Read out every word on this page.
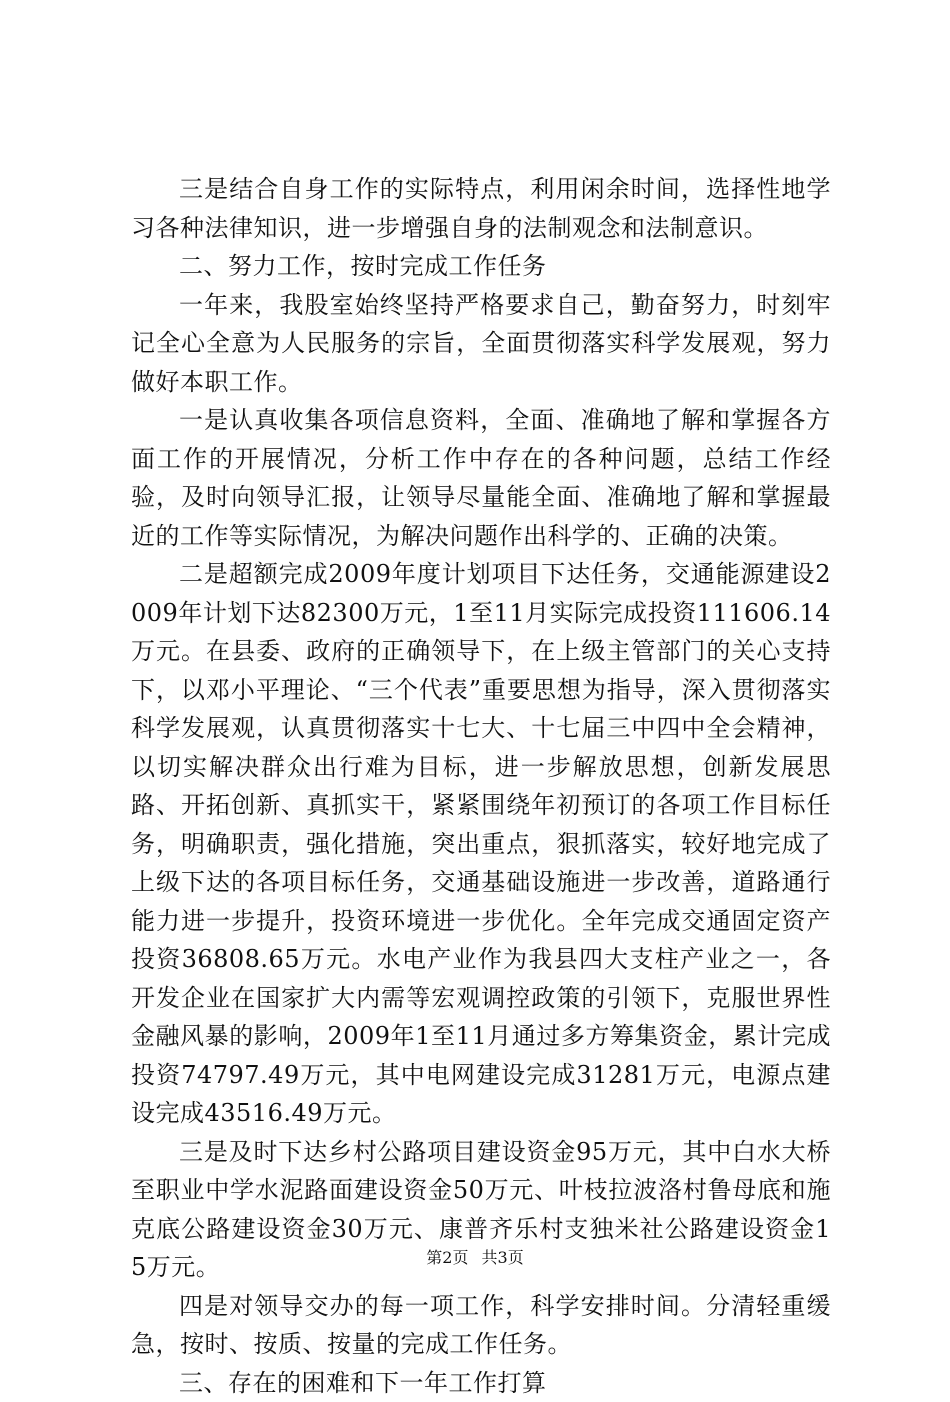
三是结合自身工作的实际特点，利用闲余时间，选择性地学习各种法律知识，进一步增强自身的法制观念和法制意识。

二、努力工作，按时完成工作任务

一年来，我股室始终坚持严格要求自己，勤奋努力，时刻牢记全心全意为人民服务的宗旨，全面贯彻落实科学发展观，努力做好本职工作。

一是认真收集各项信息资料，全面、准确地了解和掌握各方面工作的开展情况，分析工作中存在的各种问题，总结工作经验，及时向领导汇报，让领导尽量能全面、准确地了解和掌握最近的工作等实际情况，为解决问题作出科学的、正确的决策。

二是超额完成2009年度计划项目下达任务，交通能源建设2009年计划下达82300万元，1至11月实际完成投资111606.14万元。在县委、政府的正确领导下，在上级主管部门的关心支持下，以邓小平理论、“三个代表”重要思想为指导，深入贯彻落实科学发展观，认真贯彻落实十七大、十七届三中四中全会精神，以切实解决群众出行难为目标，进一步解放思想，创新发展思路、开拓创新、真抓实干，紧紧围绕年初预订的各项工作目标任务，明确职责，强化措施，突出重点，狠抓落实，较好地完成了上级下达的各项目标任务，交通基础设施进一步改善，道路通行能力进一步提升，投资环境进一步优化。全年完成交通固定资产投资36808.65万元。水电产业作为我县四大支柱产业之一，各开发企业在国家扩大内需等宏观调控政策的引领下，克服世界性金融风暴的影响，2009年1至11月通过多方筹集资金，累计完成投资74797.49万元，其中电网建设完成31281万元，电源点建设完成43516.49万元。

三是及时下达乡村公路项目建设资金95万元，其中白水大桥至职业中学水泥路面建设资金50万元、叶枝拉波洛村鲁母底和施克底公路建设资金30万元、康普齐乐村支独米社公路建设资金15万元。

四是对领导交办的每一项工作，科学安排时间。分清轻重缓急，按时、按质、按量的完成工作任务。

三、存在的困难和下一年工作打算

第2页 共3页
